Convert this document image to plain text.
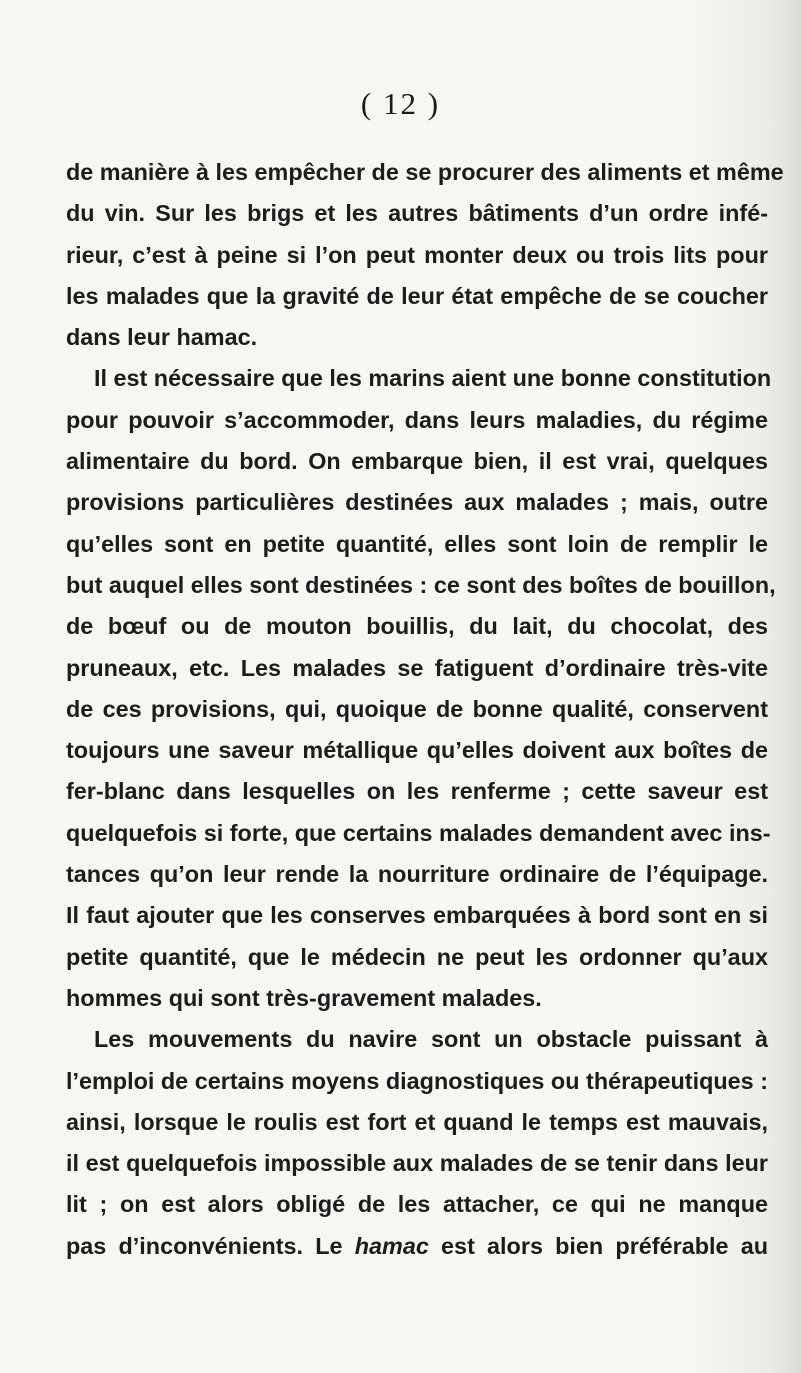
( 12 )
de manière à les empêcher de se procurer des aliments et même
du vin. Sur les brigs et les autres bâtiments d’un ordre infé-
rieur, c’est à peine si l’on peut monter deux ou trois lits pour
les malades que la gravité de leur état empêche de se coucher
dans leur hamac.
Il est nécessaire que les marins aient une bonne constitution
pour pouvoir s’accommoder, dans leurs maladies, du régime
alimentaire du bord. On embarque bien, il est vrai, quelques
provisions particulières destinées aux malades ; mais, outre
qu’elles sont en petite quantité, elles sont loin de remplir le
but auquel elles sont destinées : ce sont des boîtes de bouillon,
de bœuf ou de mouton bouillis, du lait, du chocolat, des
pruneaux, etc. Les malades se fatiguent d’ordinaire très-vite
de ces provisions, qui, quoique de bonne qualité, conservent
toujours une saveur métallique qu’elles doivent aux boîtes de
fer-blanc dans lesquelles on les renferme ; cette saveur est
quelquefois si forte, que certains malades demandent avec ins-
tances qu’on leur rende la nourriture ordinaire de l’équipage.
Il faut ajouter que les conserves embarquées à bord sont en si
petite quantité, que le médecin ne peut les ordonner qu’aux
hommes qui sont très-gravement malades.
Les mouvements du navire sont un obstacle puissant à
l’emploi de certains moyens diagnostiques ou thérapeutiques :
ainsi, lorsque le roulis est fort et quand le temps est mauvais,
il est quelquefois impossible aux malades de se tenir dans leur
lit ; on est alors obligé de les attacher, ce qui ne manque
pas d’inconvénients. Le hamac est alors bien préférable au
